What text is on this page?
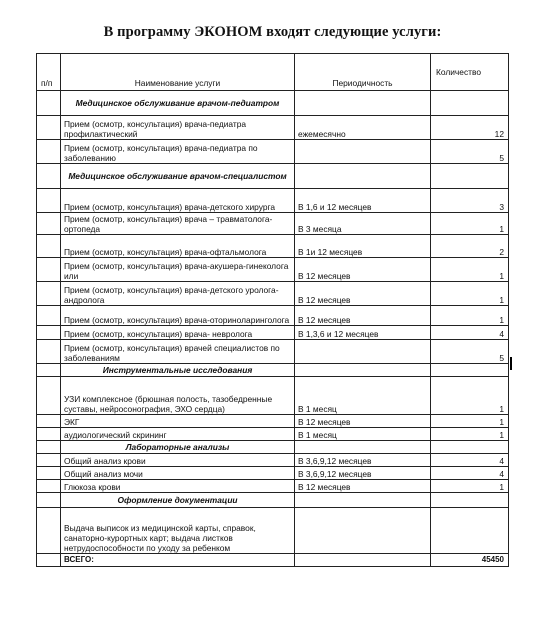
В программу ЭКОНОМ входят следующие услуги:
п/п	Наименование услуги	Периодичность	Количество
	Медицинское обслуживание врачом-педиатром		
	Прием (осмотр, консультация) врача-педиатра профилактический	ежемесячно	12
	Прием (осмотр, консультация) врача-педиатра по заболеванию		5
	Медицинское обслуживание врачом-специалистом		
	Прием (осмотр, консультация) врача-детского хирурга	В 1,6 и 12 месяцев	3
	Прием (осмотр, консультация) врача – травматолога-ортопеда	В 3 месяца	1
	Прием (осмотр, консультация) врача-офтальмолога	В 1и 12 месяцев	2
	Прием (осмотр, консультация) врача-акушера-гинеколога или	В 12 месяцев	1
	Прием (осмотр, консультация) врача-детского уролога-андролога	В 12 месяцев	1
	Прием (осмотр, консультация) врача-оториноларинголога	В 12 месяцев	1
	Прием (осмотр, консультация) врача- невролога	В 1,3,6 и 12 месяцев	4
	Прием (осмотр, консультация) врачей специалистов по заболеваниям		5
	Инструментальные исследования		
	УЗИ комплексное (брюшная полость, тазобедренные суставы, нейросонография, ЭХО сердца)	В 1 месяц	1
	ЭКГ	В 12 месяцев	1
	аудиологический скрининг	В 1 месяц	1
	Лабораторные анализы		
	Общий анализ крови	В 3,6,9,12 месяцев	4
	Общий анализ мочи	В 3,6,9,12 месяцев	4
	Глюкоза крови	В 12 месяцев	1
	Оформление документации		
	Выдача выписок из медицинской карты, справок, санаторно-курортных карт; выдача листков нетрудоспособности по уходу за ребенком		
	ВСЕГО:		45450
